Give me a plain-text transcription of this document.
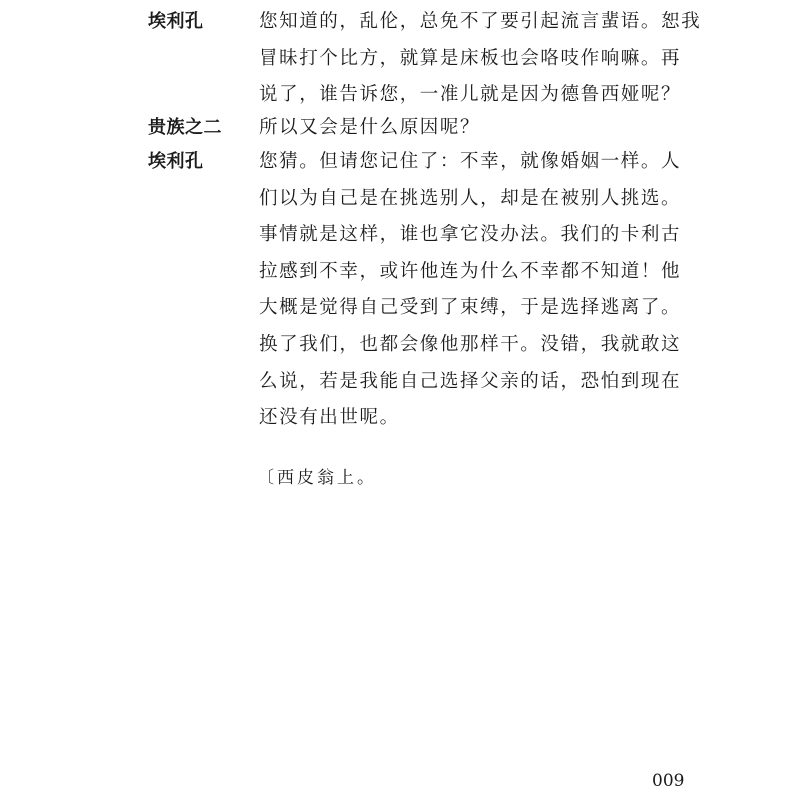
埃利孔	您知道的，乱伦，总免不了要引起流言蜚语。恕我
冒昧打个比方，就算是床板也会咯吱作响嘛。再
说了，谁告诉您，一准儿就是因为德鲁西娅呢？
贵族之二 所以又会是什么原因呢？
埃利孔	您猜。但请您记住了：不幸，就像婚姻一样。人
们以为自己是在挑选别人，却是在被别人挑选。
事情就是这样，谁也拿它没办法。我们的卡利古
拉感到不幸，或许他连为什么不幸都不知道！他
大概是觉得自己受到了束缚，于是选择逃离了。
换了我们，也都会像他那样干。没错，我就敢这
么说，若是我能自己选择父亲的话，恐怕到现在
还没有出世呢。
〔西皮翁上。
009
